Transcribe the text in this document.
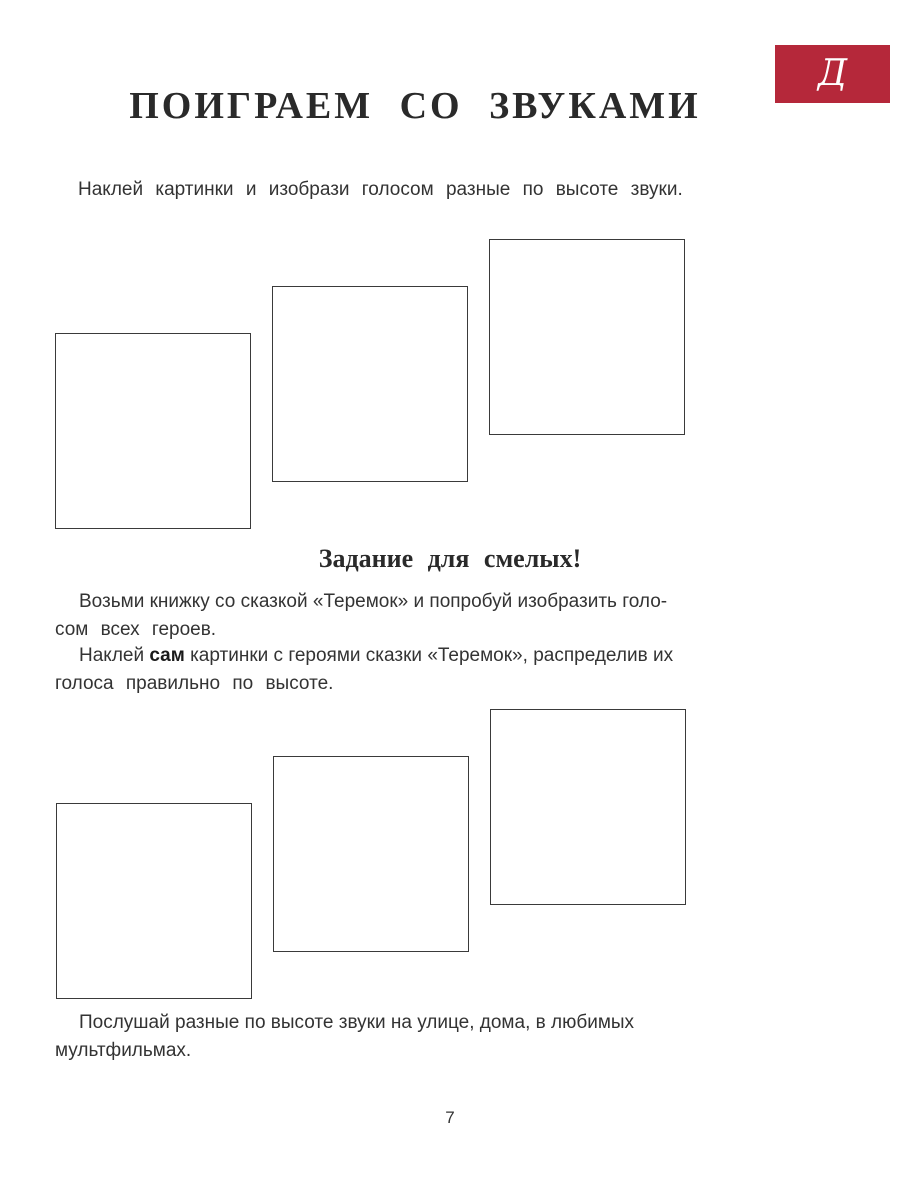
Д
ПОИГРАЕМ СО ЗВУКАМИ

Наклей картинки и изобрази голосом разные по высоте звуки.

Задание для смелых!
Возьми книжку со сказкой «Теремок» и попробуй изобразить голо-
сом всех героев.
Наклей сам картинки с героями сказки «Теремок», распределив их
голоса правильно по высоте.
Послушай разные по высоте звуки на улице, дома, в любимых
мультфильмах.
7
